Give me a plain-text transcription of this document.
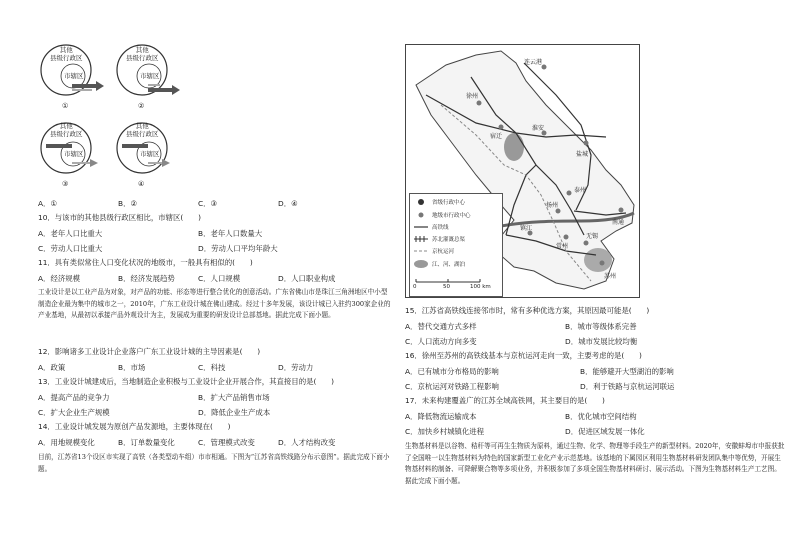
其他
县级行政区
市辖区
①
其他
县级行政区
市辖区
②
其他
县级行政区
市辖区
③
其他
县级行政区
市辖区
④
A．①	B．②	C．③	D．④
10．与该市的其他县级行政区相比，市辖区(　　)
A．老年人口比重大	B．老年人口数量大
C．劳动人口比重大	D．劳动人口平均年龄大
11．具有类似常住人口变化状况的地级市，一般具有相似的(　　)
A．经济规模	B．经济发展趋势	C．人口规模	D．人口职业构成
工业设计是以工业产品为对象，对产品的功能、形态等进行整合优化的创意活动。广东省佛山市是珠江三角洲地区中小型制造企业最为集中的城市之一，2010年，广东工业设计城在佛山建成。经过十多年发展，该设计城已入驻约300家企业的产业基地，从最初以承接产品外观设计为主，发展成为重要的研发设计总部基地。据此完成下面小题。
12．影响诸多工业设计企业落户广东工业设计城的主导因素是(　　)
A．政策	B．市场	C．科技	D．劳动力
13．工业设计城建成后，当地制造企业积极与工业设计企业开展合作，其直接目的是(　　)
A．提高产品的竞争力	B．扩大产品销售市场
C．扩大企业生产规模	D．降低企业生产成本
14．工业设计城发展为原创产品发源地，主要体现在(　　)
A．用地规模变化	B．订单数量变化	C．管理模式改变	D．人才结构改变
目前，江苏省13个设区市实现了高铁（各类型动车组）市市相通。下图为“江苏省高铁线路分布示意图”。据此完成下面小题。
连云港
徐州
宿迁
淮安
盐城
泰州
扬州
镇江
常州
无锡
苏州
南通
省级行政中心
地级市行政中心
高铁线
苏北灌溉总渠
京杭运河
江、河、湖泊
0	50	100 km
15．江苏省高铁线连接邻市时，常有多种优选方案，其原因最可能是(　　)
A．替代交通方式多样	B．城市等级体系完善
C．人口流动方向多变	D．城市发展比较均衡
16．徐州至苏州的高铁线基本与京杭运河走向一致，主要考虑的是(　　)
A．已有城市分布格局的影响	B．能够避开大型湖泊的影响
C．京杭运河对铁路工程影响	D．利于铁路与京杭运河联运
17．未来构建覆盖广的江苏全域高铁网，其主要目的是(　　)
A．降低物流运输成本	B．优化城市空间结构
C．加快乡村城镇化进程	D．促进区域发展一体化
生物基材料是以谷物、秸秆等可再生生物质为原料，通过生物、化学、物理等手段生产的新型材料。2020年，安徽蚌埠市申报获批了全国唯一以生物基材料为特色的国家新型工业化产业示范基地。该基地的下属园区利用生物基材料研发团队集中等优势，开展生物基材料的制备、可降解聚合物等多项业务，并积极参加了多项全国生物基材料研讨、展示活动。下图为生物基材料生产工艺图。据此完成下面小题。
